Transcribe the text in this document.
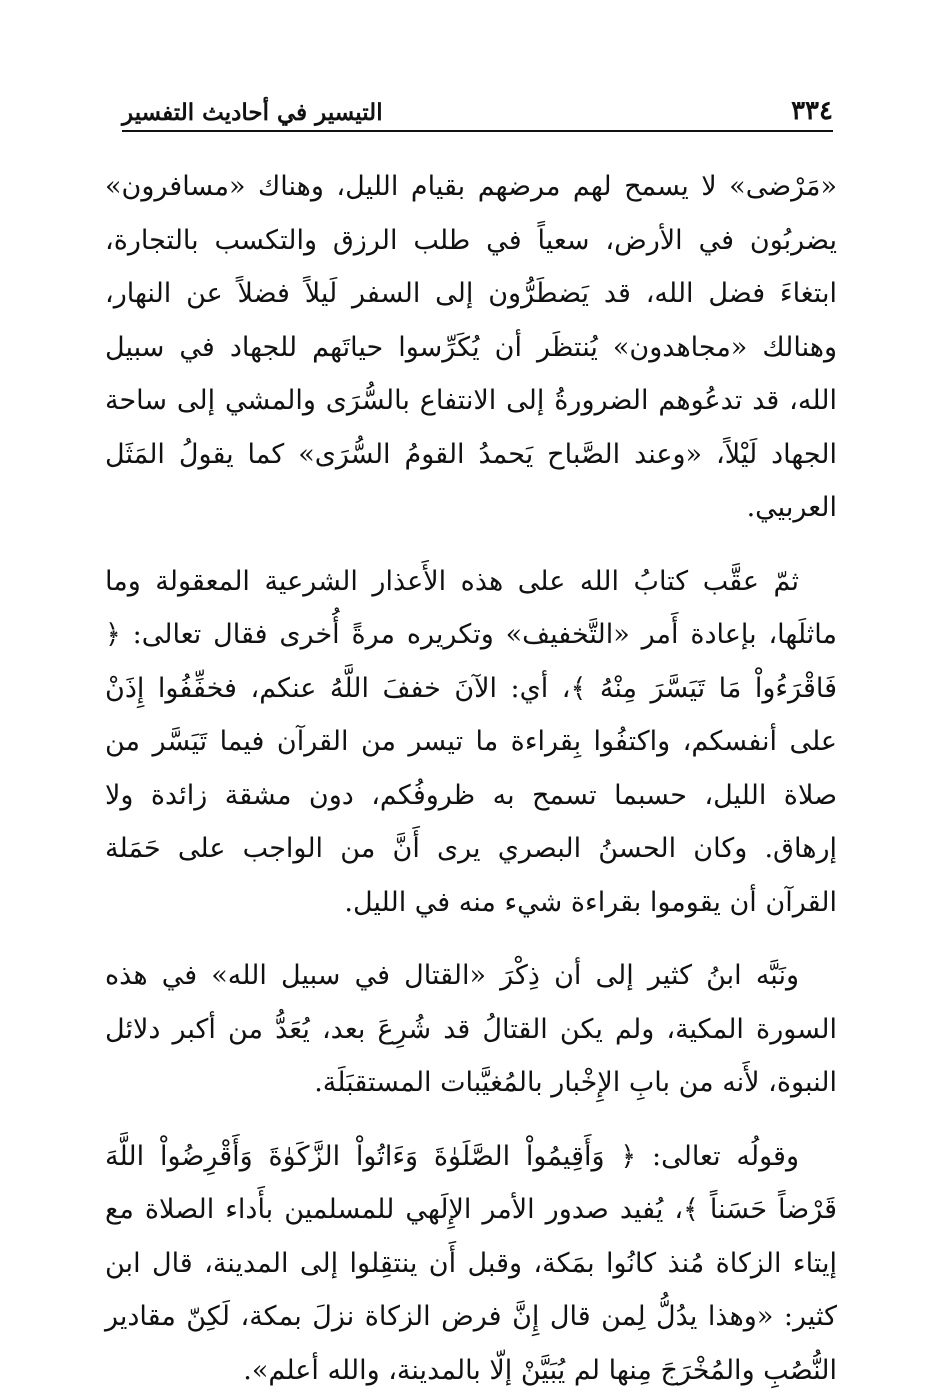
٣٣٤
التيسير في أحاديث التفسير

«مَرْضى» لا يسمح لهم مرضهم بقيام الليل، وهناك «مسافرون» يضربُون في الأرض، سعياً في طلب الرزق والتكسب بالتجارة، ابتغاءَ فضل الله، قد يَضطَرُّون إلى السفر لَيلاً فضلاً عن النهار، وهنالك «مجاهدون» يُنتظَر أن يُكَرِّسوا حياتَهم للجهاد في سبيل الله، قد تدعُوهم الضرورةُ إلى الانتفاع بالسُّرَى والمشي إلى ساحة الجهاد لَيْلاً، «وعند الصَّباح يَحمدُ القومُ السُّرَى» كما يقولُ المَثَل العربيي.

ثمّ عقَّب كتابُ الله على هذه الأَعذار الشرعية المعقولة وما ماثلَها، بإعادة أَمر «التَّخفيف» وتكريره مرةً أُخرى فقال تعالى: ﴿ فَاقْرَءُواْ مَا تَيَسَّرَ مِنْهُ ﴾، أي: الآنَ خففَ اللَّهُ عنكم، فخفِّفُوا إِذَنْ على أنفسكم، واكتفُوا بِقراءة ما تيسر من القرآن فيما تَيَسَّر من صلاة الليل، حسبما تسمح به ظروفُكم، دون مشقة زائدة ولا إرهاق. وكان الحسنُ البصري يرى أَنَّ من الواجب على حَمَلة القرآن أن يقوموا بقراءة شيء منه في الليل.

ونَبَّه ابنُ كثير إلى أن ذِكْرَ «القتال في سبيل الله» في هذه السورة المكية، ولم يكن القتالُ قد شُرِعَ بعد، يُعَدُّ من أكبر دلائل النبوة، لأَنه من بابِ الإِخْبار بالمُغيَّبات المستقبَلَة.

وقولُه تعالى: ﴿ وَأَقِيمُواْ الصَّلَوٰةَ وَءَاتُواْ الزَّكَوٰةَ وَأَقْرِضُواْ اللَّهَ قَرْضاً حَسَناً ﴾، يُفيد صدور الأمر الإِلَهي للمسلمين بأَداء الصلاة مع إيتاء الزكاة مُنذ كانُوا بمَكة، وقبل أَن ينتقِلوا إلى المدينة، قال ابن كثير: «وهذا يدُلُّ لِمن قال إِنَّ فرض الزكاة نزلَ بمكة، لَكِنّ مقادير النُّصُبِ والمُخْرَجَ مِنها لم يُبَيَّنْ إلّا بالمدينة، والله أعلم».
